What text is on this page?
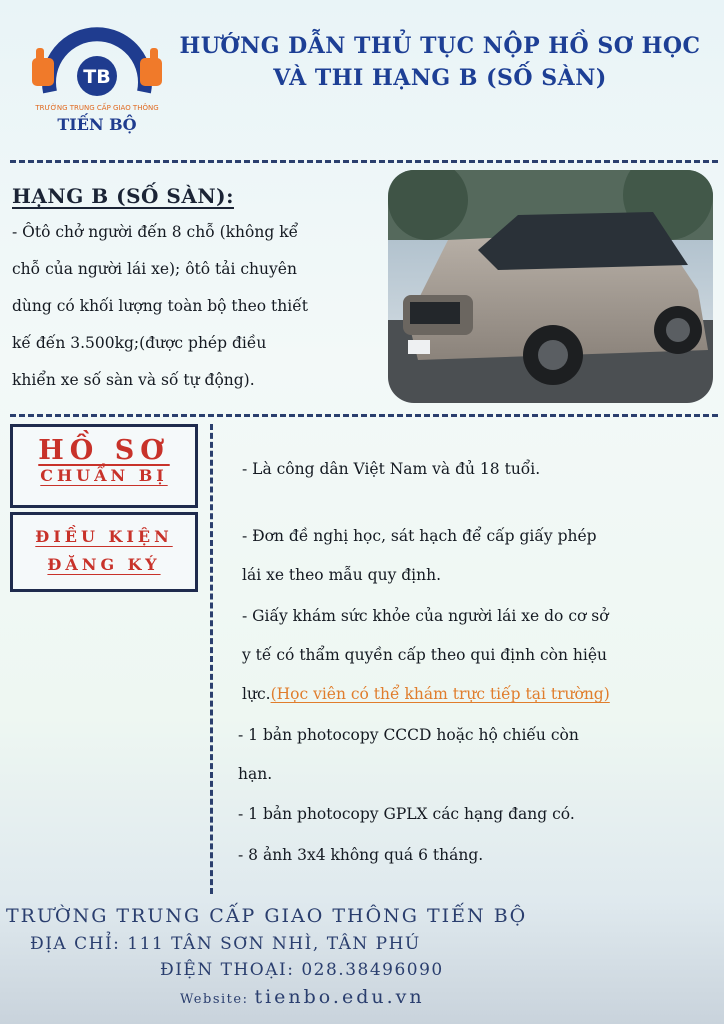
TB
TRƯỜNG TRUNG CẤP GIAO THÔNG
TIẾN BỘ
HƯỚNG DẪN THỦ TỤC NỘP HỒ SƠ HỌC
VÀ THI HẠNG B (SỐ SÀN)
HẠNG B (SỐ SÀN):
- Ôtô chở người đến 8 chỗ (không kể
chỗ của người lái xe); ôtô tải chuyên
dùng có khối lượng toàn bộ theo thiết
kế đến 3.500kg;(được phép điều
khiển xe số sàn và số tự động).
HỒ SƠ
CHUẨN BỊ
ĐIỀU KIỆN
ĐĂNG KÝ
- Là công dân Việt Nam và đủ 18 tuổi.
- Đơn đề nghị học, sát hạch để cấp giấy phép
lái xe theo mẫu quy định.
- Giấy khám sức khỏe của người lái xe do cơ sở
y tế có thẩm quyền cấp theo qui định còn hiệu
lực.(Học viên có thể khám trực tiếp tại trường)
- 1 bản photocopy CCCD hoặc hộ chiếu còn
hạn.
- 1 bản photocopy GPLX các hạng đang có.
- 8 ảnh 3x4 không quá 6 tháng.
TRƯỜNG TRUNG CẤP GIAO THÔNG TIẾN BỘ
ĐỊA CHỈ: 111 TÂN SƠN NHÌ, TÂN PHÚ
ĐIỆN THOẠI: 028.38496090
Website: tienbo.edu.vn
